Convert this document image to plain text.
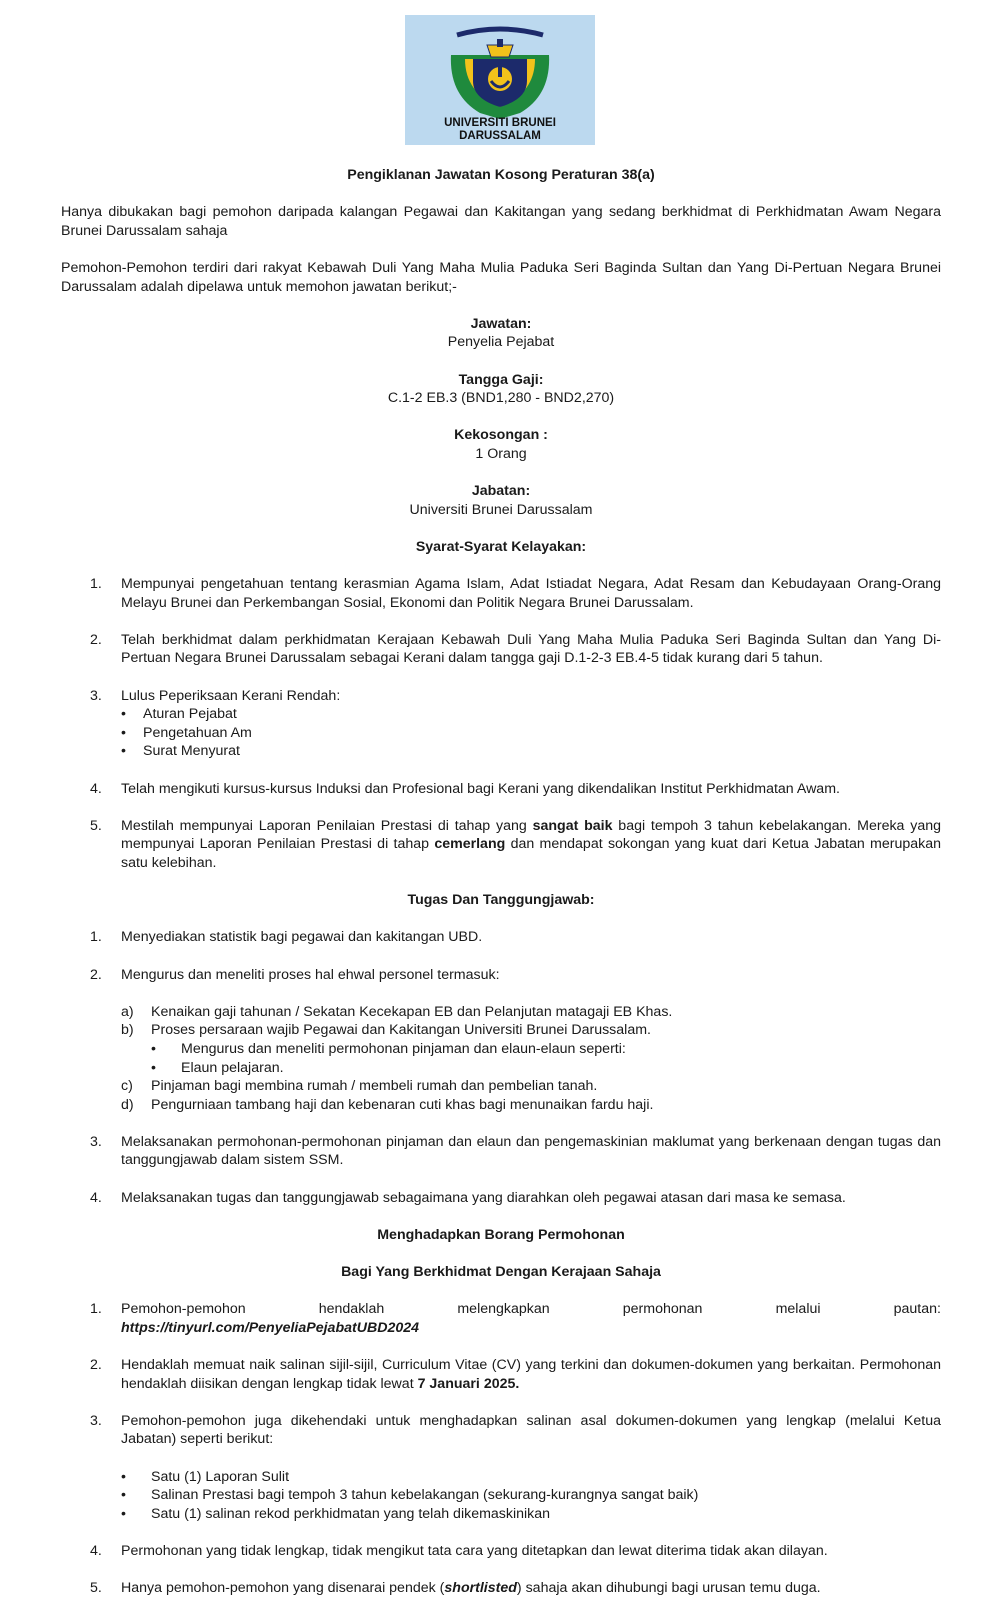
UNIVERSITI BRUNEI
DARUSSALAM

Pengiklanan Jawatan Kosong Peraturan 38(a)

Hanya dibukakan bagi pemohon daripada kalangan Pegawai dan Kakitangan yang sedang berkhidmat di Perkhidmatan Awam Negara Brunei Darussalam sahaja

Pemohon-Pemohon terdiri dari rakyat Kebawah Duli Yang Maha Mulia Paduka Seri Baginda Sultan dan Yang Di-Pertuan Negara Brunei Darussalam adalah dipelawa untuk memohon jawatan berikut;-

Jawatan:

Penyelia Pejabat

Tangga Gaji:

C.1-2 EB.3 (BND1,280 - BND2,270)

Kekosongan :

1 Orang

Jabatan:

Universiti Brunei Darussalam

Syarat-Syarat Kelayakan:

1. Mempunyai pengetahuan tentang kerasmian Agama Islam, Adat Istiadat Negara, Adat Resam dan Kebudayaan Orang-Orang Melayu Brunei dan Perkembangan Sosial, Ekonomi dan Politik Negara Brunei Darussalam.
2. Telah berkhidmat dalam perkhidmatan Kerajaan Kebawah Duli Yang Maha Mulia Paduka Seri Baginda Sultan dan Yang Di-Pertuan Negara Brunei Darussalam sebagai Kerani dalam tangga gaji D.1-2-3 EB.4-5 tidak kurang dari 5 tahun.
3. Lulus Peperiksaan Kerani Rendah:
•	Aturan Pejabat
•	Pengetahuan Am
•	Surat Menyurat
4. Telah mengikuti kursus-kursus Induksi dan Profesional bagi Kerani yang dikendalikan Institut Perkhidmatan Awam.
5. Mestilah mempunyai Laporan Penilaian Prestasi di tahap yang sangat baik bagi tempoh 3 tahun kebelakangan. Mereka yang mempunyai Laporan Penilaian Prestasi di tahap cemerlang dan mendapat sokongan yang kuat dari Ketua Jabatan merupakan satu kelebihan.

Tugas Dan Tanggungjawab:

1. Menyediakan statistik bagi pegawai dan kakitangan UBD.
2. Mengurus dan meneliti proses hal ehwal personel termasuk:
a) Kenaikan gaji tahunan / Sekatan Kecekapan EB dan Pelanjutan matagaji EB Khas.
b) Proses persaraan wajib Pegawai dan Kakitangan Universiti Brunei Darussalam.
• Mengurus dan meneliti permohonan pinjaman dan elaun-elaun seperti:
• Elaun pelajaran.
c) Pinjaman bagi membina rumah / membeli rumah dan pembelian tanah.
d) Pengurniaan tambang haji dan kebenaran cuti khas bagi menunaikan fardu haji.
3. Melaksanakan permohonan-permohonan pinjaman dan elaun dan pengemaskinian maklumat yang berkenaan dengan tugas dan tanggungjawab dalam sistem SSM.
4. Melaksanakan tugas dan tanggungjawab sebagaimana yang diarahkan oleh pegawai atasan dari masa ke semasa.

Menghadapkan Borang Permohonan

Bagi Yang Berkhidmat Dengan Kerajaan Sahaja

1. Pemohon-pemohon	hendaklah	melengkapkan	permohonan	melalui	pautan:
https://tinyurl.com/PenyeliaPejabatUBD2024
2. Hendaklah memuat naik salinan sijil-sijil, Curriculum Vitae (CV) yang terkini dan dokumen-dokumen yang berkaitan. Permohonan hendaklah diisikan dengan lengkap tidak lewat 7 Januari 2025.
3. Pemohon-pemohon juga dikehendaki untuk menghadapkan salinan asal dokumen-dokumen yang lengkap (melalui Ketua Jabatan) seperti berikut:
• Satu (1) Laporan Sulit
• Salinan Prestasi bagi tempoh 3 tahun kebelakangan (sekurang-kurangnya sangat baik)
• Satu (1) salinan rekod perkhidmatan yang telah dikemaskinikan
4. Permohonan yang tidak lengkap, tidak mengikut tata cara yang ditetapkan dan lewat diterima tidak akan dilayan.
5. Hanya pemohon-pemohon yang disenarai pendek (shortlisted) sahaja akan dihubungi bagi urusan temu duga.
